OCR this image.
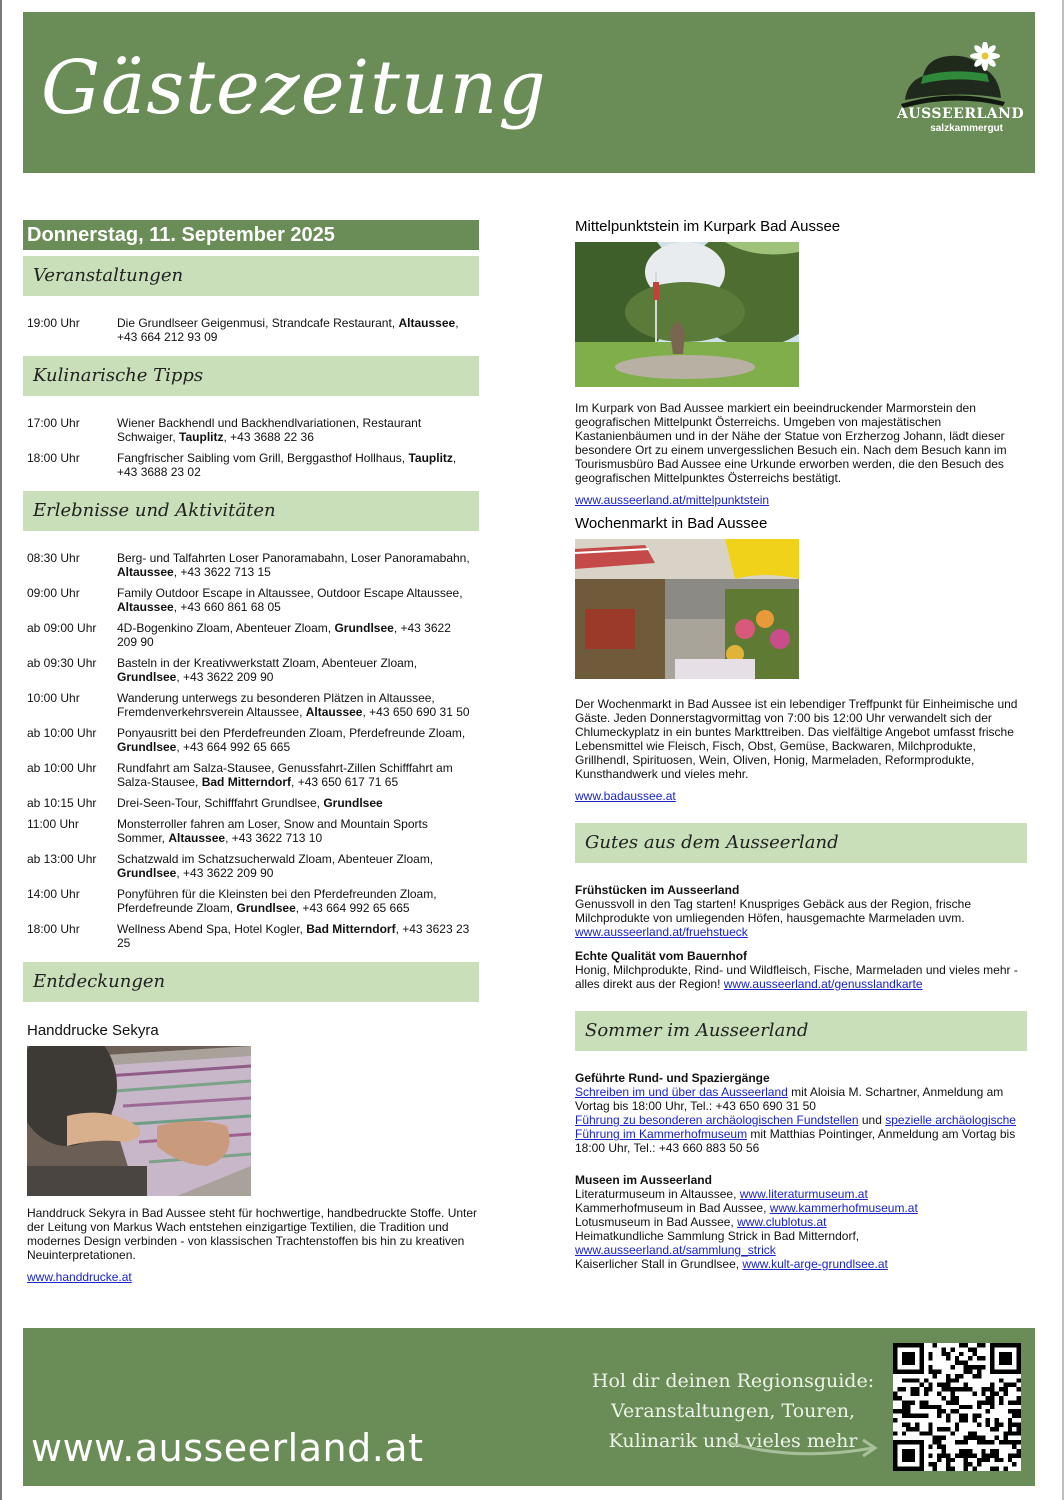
Gästezeitung	AUSSEERLAND
salzkammergut
Donnerstag, 11. September 2025
Veranstaltungen
19:00 Uhr	Die Grundlseer Geigenmusi, Strandcafe Restaurant, Altaussee, +43 664 212 93 09
Kulinarische Tipps
17:00 Uhr	Wiener Backhendl und Backhendlvariationen, Restaurant Schwaiger, Tauplitz, +43 3688 22 36
18:00 Uhr	Fangfrischer Saibling vom Grill, Berggasthof Hollhaus, Tauplitz, +43 3688 23 02
Erlebnisse und Aktivitäten
08:30 Uhr	Berg- und Talfahrten Loser Panoramabahn, Loser Panoramabahn, Altaussee, +43 3622 713 15
09:00 Uhr	Family Outdoor Escape in Altaussee, Outdoor Escape Altaussee, Altaussee, +43 660 861 68 05
ab 09:00 Uhr	4D-Bogenkino Zloam, Abenteuer Zloam, Grundlsee, +43 3622 209 90
ab 09:30 Uhr	Basteln in der Kreativwerkstatt Zloam, Abenteuer Zloam, Grundlsee, +43 3622 209 90
10:00 Uhr	Wanderung unterwegs zu besonderen Plätzen in Altaussee, Fremdenverkehrsverein Altaussee, Altaussee, +43 650 690 31 50
ab 10:00 Uhr	Ponyausritt bei den Pferdefreunden Zloam, Pferdefreunde Zloam, Grundlsee, +43 664 992 65 665
ab 10:00 Uhr	Rundfahrt am Salza-Stausee, Genussfahrt-Zillen Schifffahrt am Salza-Stausee, Bad Mitterndorf, +43 650 617 71 65
ab 10:15 Uhr	Drei-Seen-Tour, Schifffahrt Grundlsee, Grundlsee
11:00 Uhr	Monsterroller fahren am Loser, Snow and Mountain Sports Sommer, Altaussee, +43 3622 713 10
ab 13:00 Uhr	Schatzwald im Schatzsucherwald Zloam, Abenteuer Zloam, Grundlsee, +43 3622 209 90
14:00 Uhr	Ponyführen für die Kleinsten bei den Pferdefreunden Zloam, Pferdefreunde Zloam, Grundlsee, +43 664 992 65 665
18:00 Uhr	Wellness Abend Spa, Hotel Kogler, Bad Mitterndorf, +43 3623 23 25
Entdeckungen
Handdrucke Sekyra
Handdruck Sekyra in Bad Aussee steht für hochwertige, handbedruckte Stoffe. Unter der Leitung von Markus Wach entstehen einzigartige Textilien, die Tradition und modernes Design verbinden - von klassischen Trachtenstoffen bis hin zu kreativen Neuinterpretationen.
www.handdrucke.at
Mittelpunktstein im Kurpark Bad Aussee
Im Kurpark von Bad Aussee markiert ein beeindruckender Marmorstein den geografischen Mittelpunkt Österreichs. Umgeben von majestätischen Kastanienbäumen und in der Nähe der Statue von Erzherzog Johann, lädt dieser besondere Ort zu einem unvergesslichen Besuch ein. Nach dem Besuch kann im Tourismusbüro Bad Aussee eine Urkunde erworben werden, die den Besuch des geografischen Mittelpunktes Österreichs bestätigt.
www.ausseerland.at/mittelpunktstein
Wochenmarkt in Bad Aussee
Der Wochenmarkt in Bad Aussee ist ein lebendiger Treffpunkt für Einheimische und Gäste. Jeden Donnerstagvormittag von 7:00 bis 12:00 Uhr verwandelt sich der Chlumeckyplatz in ein buntes Markttreiben. Das vielfältige Angebot umfasst frische Lebensmittel wie Fleisch, Fisch, Obst, Gemüse, Backwaren, Milchprodukte, Grillhendl, Spirituosen, Wein, Oliven, Honig, Marmeladen, Reformprodukte, Kunsthandwerk und vieles mehr.
www.badaussee.at
Gutes aus dem Ausseerland
Frühstücken im Ausseerland
Genussvoll in den Tag starten! Knuspriges Gebäck aus der Region, frische Milchprodukte von umliegenden Höfen, hausgemachte Marmeladen uvm.
www.ausseerland.at/fruehstueck
Echte Qualität vom Bauernhof
Honig, Milchprodukte, Rind- und Wildfleisch, Fische, Marmeladen und vieles mehr - alles direkt aus der Region! www.ausseerland.at/genusslandkarte
Sommer im Ausseerland
Geführte Rund- und Spaziergänge
Schreiben im und über das Ausseerland mit Aloisia M. Schartner, Anmeldung am Vortag bis 18:00 Uhr, Tel.: +43 650 690 31 50
Führung zu besonderen archäologischen Fundstellen und spezielle archäologische Führung im Kammerhofmuseum mit Matthias Pointinger, Anmeldung am Vortag bis 18:00 Uhr, Tel.: +43 660 883 50 56
Museen im Ausseerland
Literaturmuseum in Altaussee, www.literaturmuseum.at
Kammerhofmuseum in Bad Aussee, www.kammerhofmuseum.at
Lotusmuseum in Bad Aussee, www.clublotus.at
Heimatkundliche Sammlung Strick in Bad Mitterndorf, www.ausseerland.at/sammlung_strick
Kaiserlicher Stall in Grundlsee, www.kult-arge-grundlsee.at
www.ausseerland.at
Hol dir deinen Regionsguide:
Veranstaltungen, Touren,
Kulinarik und vieles mehr
